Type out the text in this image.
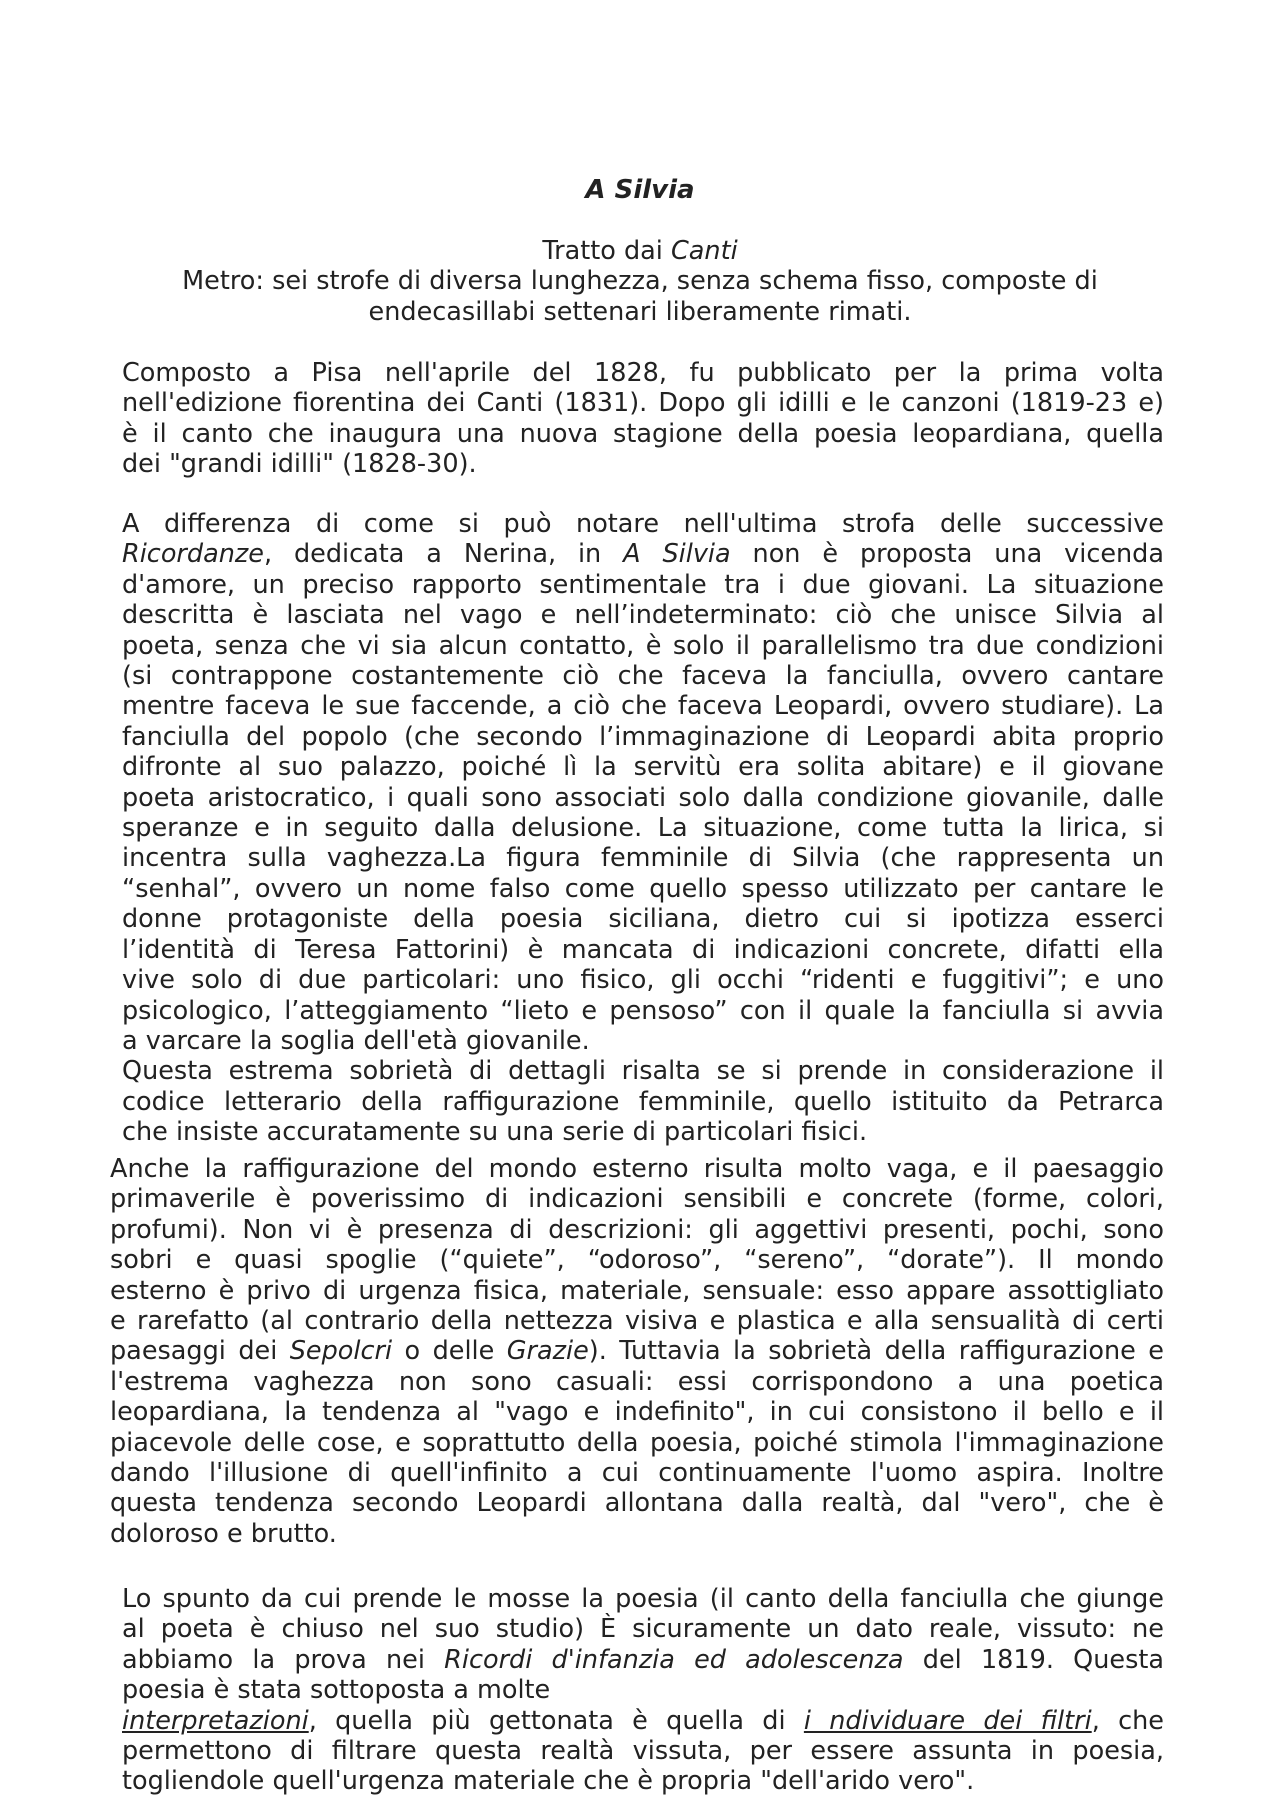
A Silvia
Tratto dai Canti
Metro: sei strofe di diversa lunghezza, senza schema fisso, composte di
endecasillabi settenari liberamente rimati.
Composto a Pisa nell'aprile del 1828, fu pubblicato per la prima volta
nell'edizione fiorentina dei Canti (1831). Dopo gli idilli e le canzoni (1819-23 e)
è il canto che inaugura una nuova stagione della poesia leopardiana, quella
dei "grandi idilli" (1828-30).
A differenza di come si può notare nell'ultima strofa delle successive
Ricordanze, dedicata a Nerina, in A Silvia non è proposta una vicenda
d'amore, un preciso rapporto sentimentale tra i due giovani. La situazione
descritta è lasciata nel vago e nell’indeterminato: ciò che unisce Silvia al
poeta, senza che vi sia alcun contatto, è solo il parallelismo tra due condizioni
(si contrappone costantemente ciò che faceva la fanciulla, ovvero cantare
mentre faceva le sue faccende, a ciò che faceva Leopardi, ovvero studiare). La
fanciulla del popolo (che secondo l’immaginazione di Leopardi abita proprio
difronte al suo palazzo, poiché lì la servitù era solita abitare) e il giovane
poeta aristocratico, i quali sono associati solo dalla condizione giovanile, dalle
speranze e in seguito dalla delusione. La situazione, come tutta la lirica, si
incentra sulla vaghezza.La figura femminile di Silvia (che rappresenta un
“senhal”, ovvero un nome falso come quello spesso utilizzato per cantare le
donne protagoniste della poesia siciliana, dietro cui si ipotizza esserci
l’identità di Teresa Fattorini) è mancata di indicazioni concrete, difatti ella
vive solo di due particolari: uno fisico, gli occhi “ridenti e fuggitivi”; e uno
psicologico, l’atteggiamento “lieto e pensoso” con il quale la fanciulla si avvia
a varcare la soglia dell'età giovanile.
Questa estrema sobrietà di dettagli risalta se si prende in considerazione il
codice letterario della raffigurazione femminile, quello istituito da Petrarca
che insiste accuratamente su una serie di particolari fisici.
Anche la raffigurazione del mondo esterno risulta molto vaga, e il paesaggio
primaverile è poverissimo di indicazioni sensibili e concrete (forme, colori,
profumi). Non vi è presenza di descrizioni: gli aggettivi presenti, pochi, sono
sobri e quasi spoglie (“quiete”, “odoroso”, “sereno”, “dorate”). Il mondo
esterno è privo di urgenza fisica, materiale, sensuale: esso appare assottigliato
e rarefatto (al contrario della nettezza visiva e plastica e alla sensualità di certi
paesaggi dei Sepolcri o delle Grazie). Tuttavia la sobrietà della raffigurazione e
l'estrema vaghezza non sono casuali: essi corrispondono a una poetica
leopardiana, la tendenza al "vago e indefinito", in cui consistono il bello e il
piacevole delle cose, e soprattutto della poesia, poiché stimola l'immaginazione
dando l'illusione di quell'infinito a cui continuamente l'uomo aspira. Inoltre
questa tendenza secondo Leopardi allontana dalla realtà, dal "vero", che è
doloroso e brutto.
Lo spunto da cui prende le mosse la poesia (il canto della fanciulla che giunge
al poeta è chiuso nel suo studio) È sicuramente un dato reale, vissuto: ne
abbiamo la prova nei Ricordi d'infanzia ed adolescenza del 1819. Questa
poesia è stata sottoposta a molte
interpretazioni, quella più gettonata è quella di i ndividuare dei filtri, che
permettono di filtrare questa realtà vissuta, per essere assunta in poesia,
togliendole quell'urgenza materiale che è propria "dell'arido vero".
